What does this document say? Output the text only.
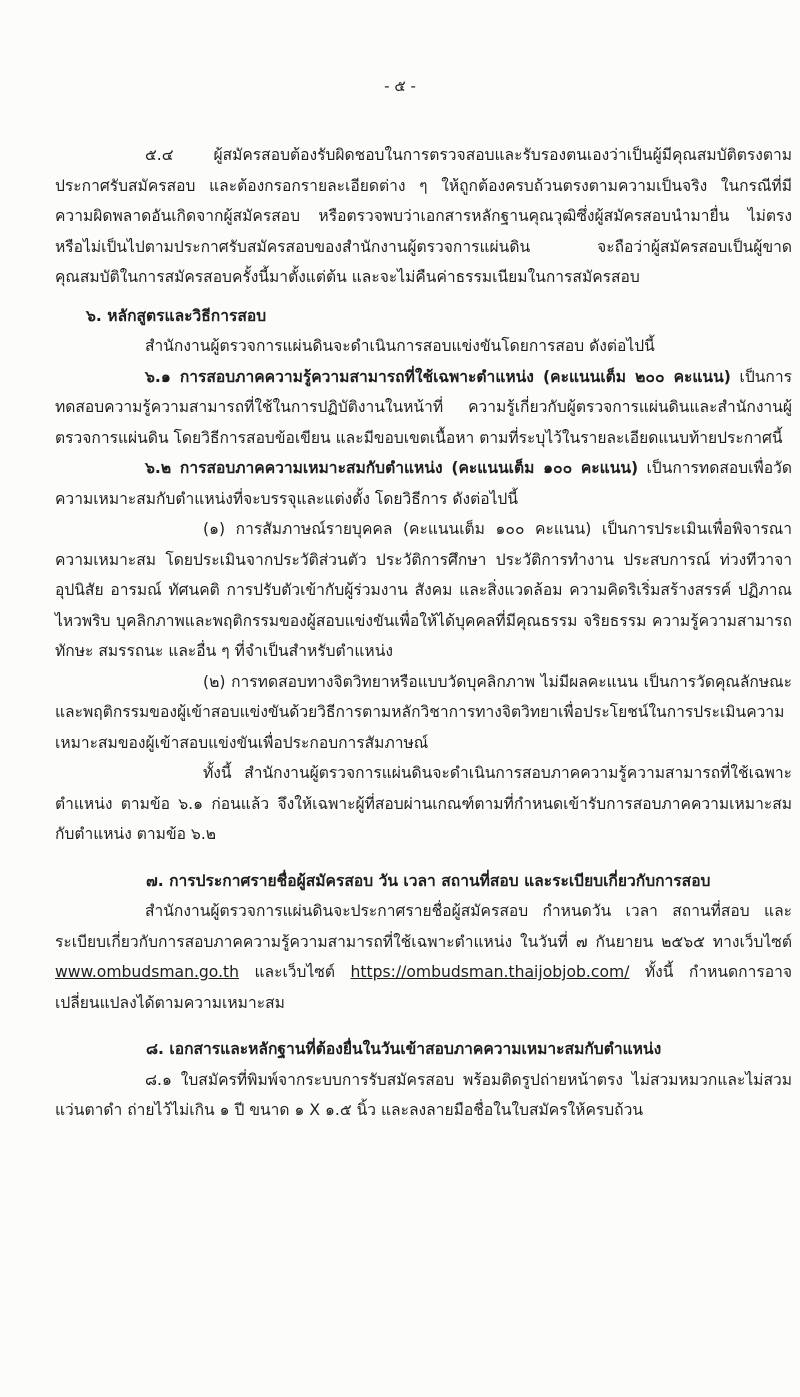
- ๕ -

๕.๔ ผู้สมัครสอบต้องรับผิดชอบในการตรวจสอบและรับรองตนเองว่าเป็นผู้มีคุณสมบัติตรงตามประกาศรับสมัครสอบ และต้องกรอกรายละเอียดต่าง ๆ ให้ถูกต้องครบถ้วนตรงตามความเป็นจริง ในกรณีที่มีความผิดพลาดอันเกิดจากผู้สมัครสอบ หรือตรวจพบว่าเอกสารหลักฐานคุณวุฒิซึ่งผู้สมัครสอบนำมายื่น ไม่ตรงหรือไม่เป็นไปตามประกาศรับสมัครสอบของสำนักงานผู้ตรวจการแผ่นดิน จะถือว่าผู้สมัครสอบเป็นผู้ขาดคุณสมบัติในการสมัครสอบครั้งนี้มาตั้งแต่ต้น และจะไม่คืนค่าธรรมเนียมในการสมัครสอบ

๖. หลักสูตรและวิธีการสอบ

สำนักงานผู้ตรวจการแผ่นดินจะดำเนินการสอบแข่งขันโดยการสอบ ดังต่อไปนี้

๖.๑ การสอบภาคความรู้ความสามารถที่ใช้เฉพาะตำแหน่ง (คะแนนเต็ม ๒๐๐ คะแนน) เป็นการทดสอบความรู้ความสามารถที่ใช้ในการปฏิบัติงานในหน้าที่ ความรู้เกี่ยวกับผู้ตรวจการแผ่นดินและสำนักงานผู้ตรวจการแผ่นดิน โดยวิธีการสอบข้อเขียน และมีขอบเขตเนื้อหา ตามที่ระบุไว้ในรายละเอียดแนบท้ายประกาศนี้

๖.๒ การสอบภาคความเหมาะสมกับตำแหน่ง (คะแนนเต็ม ๑๐๐ คะแนน) เป็นการทดสอบเพื่อวัดความเหมาะสมกับตำแหน่งที่จะบรรจุและแต่งตั้ง โดยวิธีการ ดังต่อไปนี้

(๑) การสัมภาษณ์รายบุคคล (คะแนนเต็ม ๑๐๐ คะแนน) เป็นการประเมินเพื่อพิจารณาความเหมาะสม โดยประเมินจากประวัติส่วนตัว ประวัติการศึกษา ประวัติการทำงาน ประสบการณ์ ท่วงทีวาจา อุปนิสัย อารมณ์ ทัศนคติ การปรับตัวเข้ากับผู้ร่วมงาน สังคม และสิ่งแวดล้อม ความคิดริเริ่มสร้างสรรค์ ปฏิภาณ ไหวพริบ บุคลิกภาพและพฤติกรรมของผู้สอบแข่งขันเพื่อให้ได้บุคคลที่มีคุณธรรม จริยธรรม ความรู้ความสามารถ ทักษะ สมรรถนะ และอื่น ๆ ที่จำเป็นสำหรับตำแหน่ง

(๒) การทดสอบทางจิตวิทยาหรือแบบวัดบุคลิกภาพ ไม่มีผลคะแนน เป็นการวัดคุณลักษณะและพฤติกรรมของผู้เข้าสอบแข่งขันด้วยวิธีการตามหลักวิชาการทางจิตวิทยาเพื่อประโยชน์ในการประเมินความเหมาะสมของผู้เข้าสอบแข่งขันเพื่อประกอบการสัมภาษณ์

ทั้งนี้ สำนักงานผู้ตรวจการแผ่นดินจะดำเนินการสอบภาคความรู้ความสามารถที่ใช้เฉพาะตำแหน่ง ตามข้อ ๖.๑ ก่อนแล้ว จึงให้เฉพาะผู้ที่สอบผ่านเกณฑ์ตามที่กำหนดเข้ารับการสอบภาคความเหมาะสมกับตำแหน่ง ตามข้อ ๖.๒

๗. การประกาศรายชื่อผู้สมัครสอบ วัน เวลา สถานที่สอบ และระเบียบเกี่ยวกับการสอบ

สำนักงานผู้ตรวจการแผ่นดินจะประกาศรายชื่อผู้สมัครสอบ กำหนดวัน เวลา สถานที่สอบ และระเบียบเกี่ยวกับการสอบภาคความรู้ความสามารถที่ใช้เฉพาะตำแหน่ง ในวันที่ ๗ กันยายน ๒๕๖๕ ทางเว็บไซต์ www.ombudsman.go.th และเว็บไซต์ https://ombudsman.thaijobjob.com/ ทั้งนี้ กำหนดการอาจเปลี่ยนแปลงได้ตามความเหมาะสม

๘. เอกสารและหลักฐานที่ต้องยื่นในวันเข้าสอบภาคความเหมาะสมกับตำแหน่ง

๘.๑ ใบสมัครที่พิมพ์จากระบบการรับสมัครสอบ พร้อมติดรูปถ่ายหน้าตรง ไม่สวมหมวกและไม่สวมแว่นตาดำ ถ่ายไว้ไม่เกิน ๑ ปี ขนาด ๑ X ๑.๕ นิ้ว และลงลายมือชื่อในใบสมัครให้ครบถ้วน
